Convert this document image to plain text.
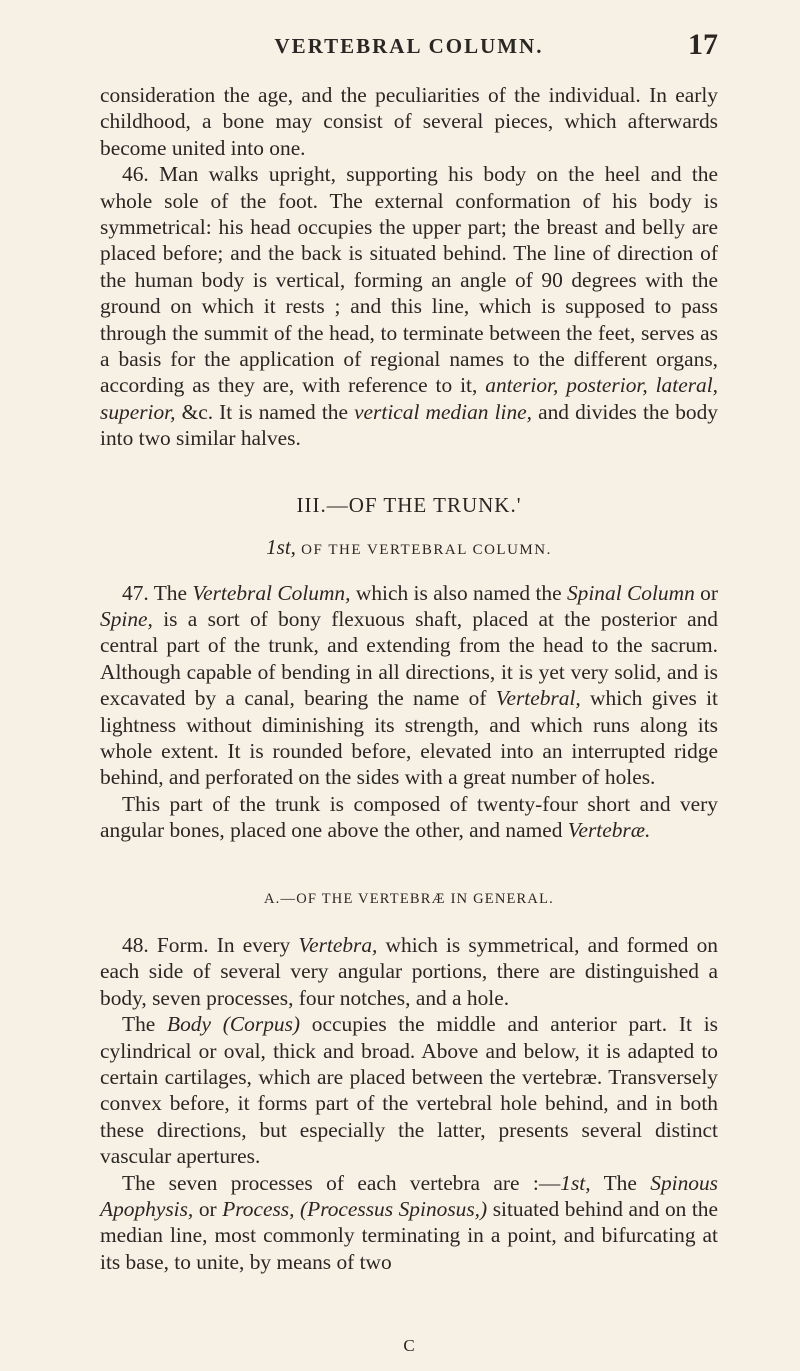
VERTEBRAL COLUMN.	17

consideration the age, and the peculiarities of the individual. In early childhood, a bone may consist of several pieces, which afterwards become united into one.

46. Man walks upright, supporting his body on the heel and the whole sole of the foot. The external conformation of his body is symmetrical: his head occupies the upper part; the breast and belly are placed before; and the back is situated behind. The line of direction of the human body is vertical, forming an angle of 90 degrees with the ground on which it rests ; and this line, which is supposed to pass through the summit of the head, to terminate between the feet, serves as a basis for the application of regional names to the different organs, according as they are, with reference to it, anterior, posterior, lateral, superior, &c. It is named the vertical median line, and divides the body into two similar halves.

III.—OF THE TRUNK.'
1st, OF THE VERTEBRAL COLUMN.

47. The Vertebral Column, which is also named the Spinal Column or Spine, is a sort of bony flexuous shaft, placed at the posterior and central part of the trunk, and extending from the head to the sacrum. Although capable of bending in all directions, it is yet very solid, and is excavated by a canal, bearing the name of Vertebral, which gives it lightness without diminishing its strength, and which runs along its whole extent. It is rounded before, elevated into an interrupted ridge behind, and perforated on the sides with a great number of holes.

This part of the trunk is composed of twenty-four short and very angular bones, placed one above the other, and named Vertebræ.

A.—OF THE VERTEBRÆ IN GENERAL.

48. Form. In every Vertebra, which is symmetrical, and formed on each side of several very angular portions, there are distinguished a body, seven processes, four notches, and a hole.

The Body (Corpus) occupies the middle and anterior part. It is cylindrical or oval, thick and broad. Above and below, it is adapted to certain cartilages, which are placed between the vertebræ. Transversely convex before, it forms part of the vertebral hole behind, and in both these directions, but especially the latter, presents several distinct vascular apertures.

The seven processes of each vertebra are :—1st, The Spinous Apophysis, or Process, (Processus Spinosus,) situated behind and on the median line, most commonly terminating in a point, and bifurcating at its base, to unite, by means of two

C
